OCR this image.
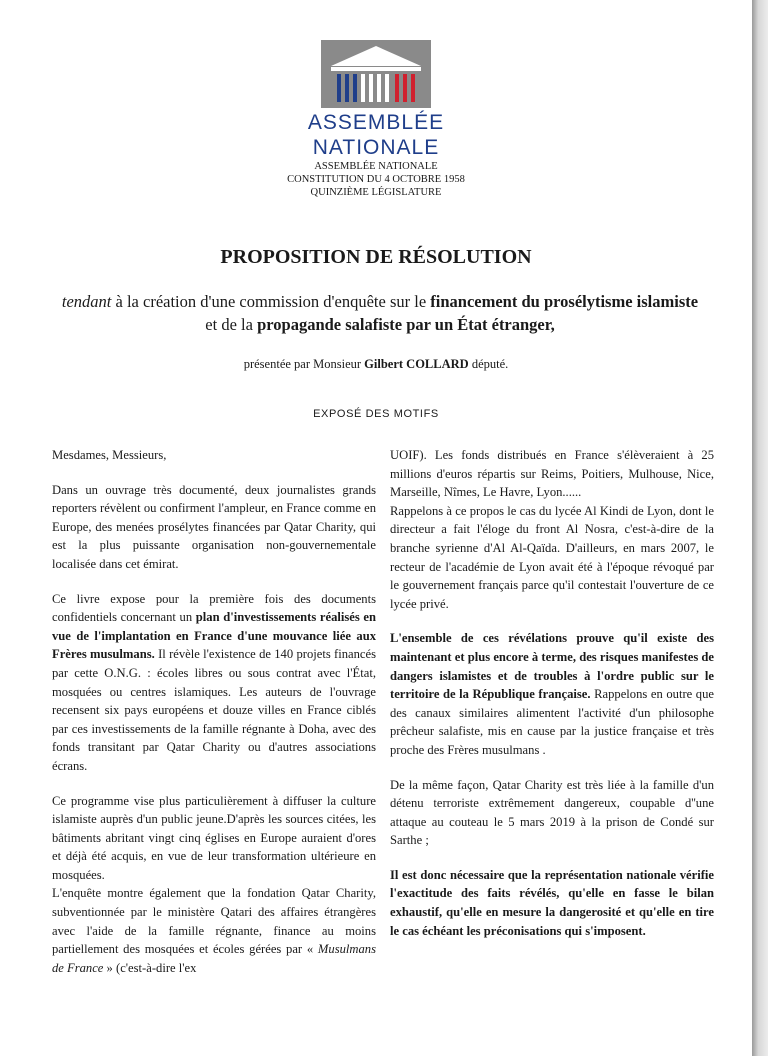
ASSEMBLÉE
NATIONALE
ASSEMBLÉE NATIONALE
CONSTITUTION DU 4 OCTOBRE 1958
QUINZIÈME LÉGISLATURE
PROPOSITION DE RÉSOLUTION
tendant à la création d'une commission d'enquête sur le financement du prosélytisme islamiste et de la propagande salafiste par un État étranger,
présentée par Monsieur Gilbert COLLARD député.
EXPOSÉ DES MOTIFS

Mesdames, Messieurs,

Dans un ouvrage très documenté, deux journalistes grands reporters révèlent ou confirment l'ampleur, en France comme en Europe, des menées prosélytes financées par Qatar Charity, qui est la plus puissante organisation non-gouvernementale localisée dans cet émirat.

Ce livre expose pour la première fois des documents confidentiels concernant un plan d'investissements réalisés en vue de l'implantation en France d'une mouvance liée aux Frères musulmans. Il révèle l'existence de 140 projets financés par cette O.N.G. : écoles libres ou sous contrat avec l'État, mosquées ou centres islamiques. Les auteurs de l'ouvrage recensent six pays européens et douze villes en France ciblés par ces investissements de la famille régnante à Doha, avec des fonds transitant par Qatar Charity ou d'autres associations écrans.

Ce programme vise plus particulièrement à diffuser la culture islamiste auprès d'un public jeune.D'après les sources citées, les bâtiments abritant vingt cinq églises en Europe auraient d'ores et déjà été acquis, en vue de leur transformation ultérieure en mosquées.

L'enquête montre également que la fondation Qatar Charity, subventionnée par le ministère Qatari des affaires étrangères avec l'aide de la famille régnante, finance au moins partiellement des mosquées et écoles gérées par « Musulmans de France » (c'est-à-dire l'ex

UOIF). Les fonds distribués en France s'élèveraient à 25 millions d'euros répartis sur Reims, Poitiers, Mulhouse, Nice, Marseille, Nîmes, Le Havre, Lyon......

Rappelons à ce propos le cas du lycée Al Kindi de Lyon, dont le directeur a fait l'éloge du front Al Nosra, c'est-à-dire de la branche syrienne d'Al Al-Qaïda. D'ailleurs, en mars 2007, le recteur de l'académie de Lyon avait été à l'époque révoqué par le gouvernement français parce qu'il contestait l'ouverture de ce lycée privé.

L'ensemble de ces révélations prouve qu'il existe des maintenant et plus encore à terme, des risques manifestes de dangers islamistes et de troubles à l'ordre public sur le territoire de la République française. Rappelons en outre que des canaux similaires alimentent l'activité d'un philosophe prêcheur salafiste, mis en cause par la justice française et très proche des Frères musulmans .

De la même façon, Qatar Charity est très liée à la famille d'un détenu terroriste extrêmement dangereux, coupable d''une attaque au couteau le 5 mars 2019 à la prison de Condé sur Sarthe ;

Il est donc nécessaire que la représentation nationale vérifie l'exactitude des faits révélés, qu'elle en fasse le bilan exhaustif, qu'elle en mesure la dangerosité et qu'elle en tire le cas échéant les préconisations qui s'imposent.
